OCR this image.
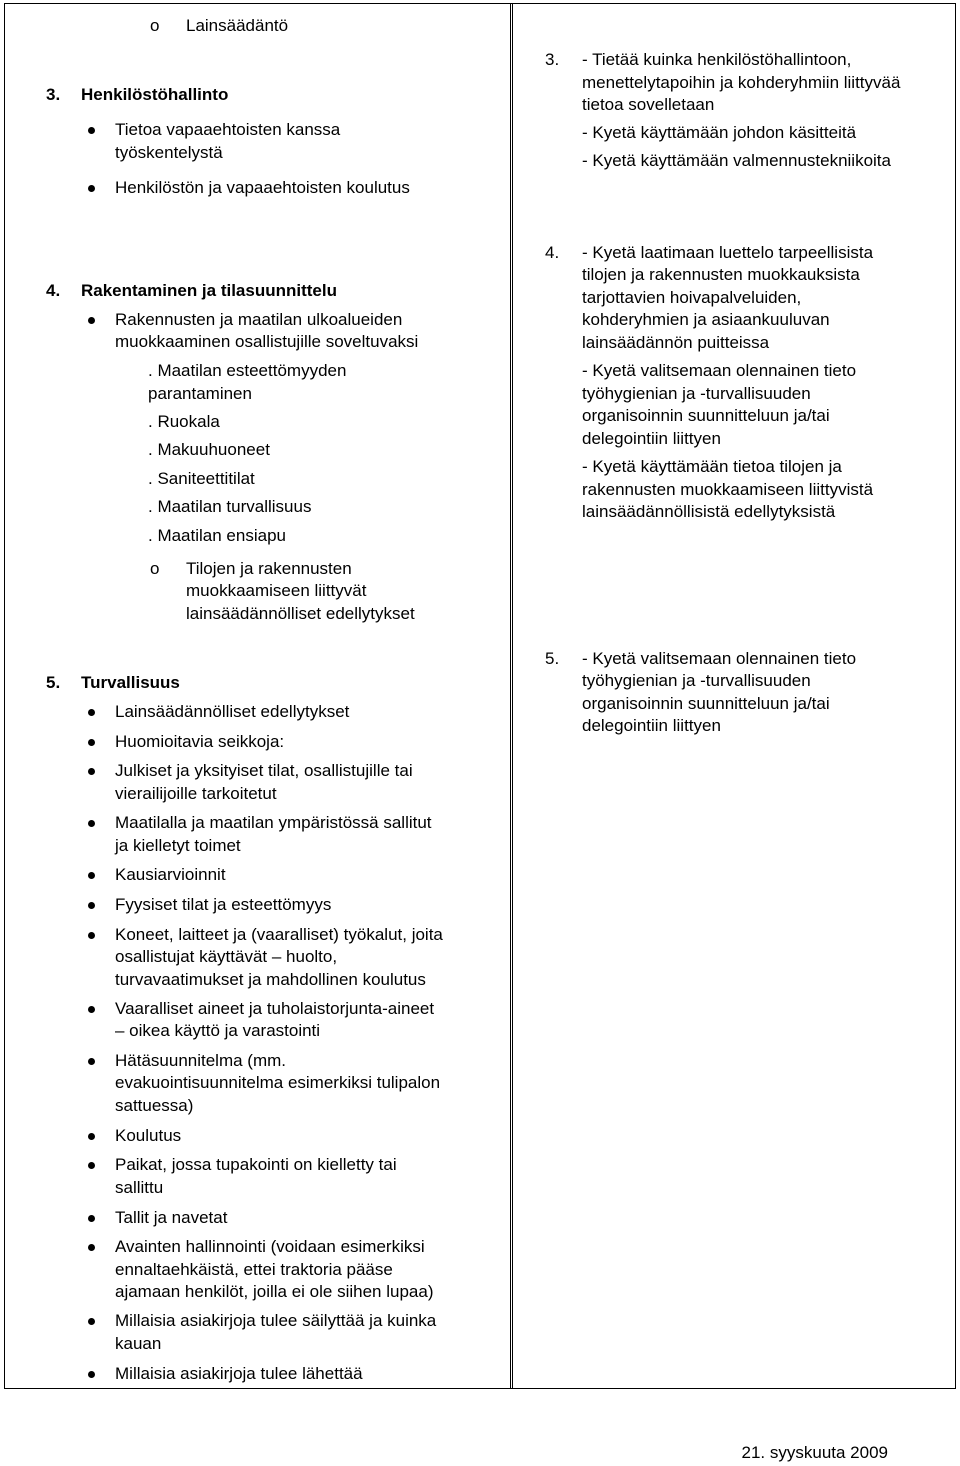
o Lainsäädäntö
3. Henkilöstöhallinto
Tietoa vapaaehtoisten kanssa
työskentelystä
Henkilöstön ja vapaaehtoisten koulutus
3. - Tietää kuinka henkilöstöhallintoon,
menettelytapoihin ja kohderyhmiin liittyvää
tietoa sovelletaan
- Kyetä käyttämään johdon käsitteitä
- Kyetä käyttämään valmennustekniikoita
4. Rakentaminen ja tilasuunnittelu
Rakennusten ja maatilan ulkoalueiden
muokkaaminen osallistujille soveltuvaksi
. Maatilan esteettömyyden
parantaminen
. Ruokala
. Makuuhuoneet
. Saniteettitilat
. Maatilan turvallisuus
. Maatilan ensiapu
o Tilojen ja rakennusten
muokkaamiseen liittyvät
lainsäädännölliset edellytykset
4. - Kyetä laatimaan luettelo tarpeellisista
tilojen ja rakennusten muokkauksista
tarjottavien hoivapalveluiden,
kohderyhmien ja asiaankuuluvan
lainsäädännön puitteissa
- Kyetä valitsemaan olennainen tieto
työhygienian ja -turvallisuuden
organisoinnin suunnitteluun ja/tai
delegointiin liittyen
- Kyetä käyttämään tietoa tilojen ja
rakennusten muokkaamiseen liittyvistä
lainsäädännöllisistä edellytyksistä
5. Turvallisuus
Lainsäädännölliset edellytykset
Huomioitavia seikkoja:
Julkiset ja yksityiset tilat, osallistujille tai
vierailijoille tarkoitetut
Maatilalla ja maatilan ympäristössä sallitut
ja kielletyt toimet
Kausiarvioinnit
Fyysiset tilat ja esteettömyys
Koneet, laitteet ja (vaaralliset) työkalut, joita
osallistujat käyttävät – huolto,
turvavaatimukset ja mahdollinen koulutus
Vaaralliset aineet ja tuholaistorjunta-aineet
– oikea käyttö ja varastointi
Hätäsuunnitelma (mm.
evakuointisuunnitelma esimerkiksi tulipalon
sattuessa)
Koulutus
Paikat, jossa tupakointi on kielletty tai
sallittu
Tallit ja navetat
Avainten hallinnointi (voidaan esimerkiksi
ennaltaehkäistä, ettei traktoria pääse
ajamaan henkilöt, joilla ei ole siihen lupaa)
Millaisia asiakirjoja tulee säilyttää ja kuinka
kauan
Millaisia asiakirjoja tulee lähettää
5. - Kyetä valitsemaan olennainen tieto
työhygienian ja -turvallisuuden
organisoinnin suunnitteluun ja/tai
delegointiin liittyen
21. syyskuuta 2009
